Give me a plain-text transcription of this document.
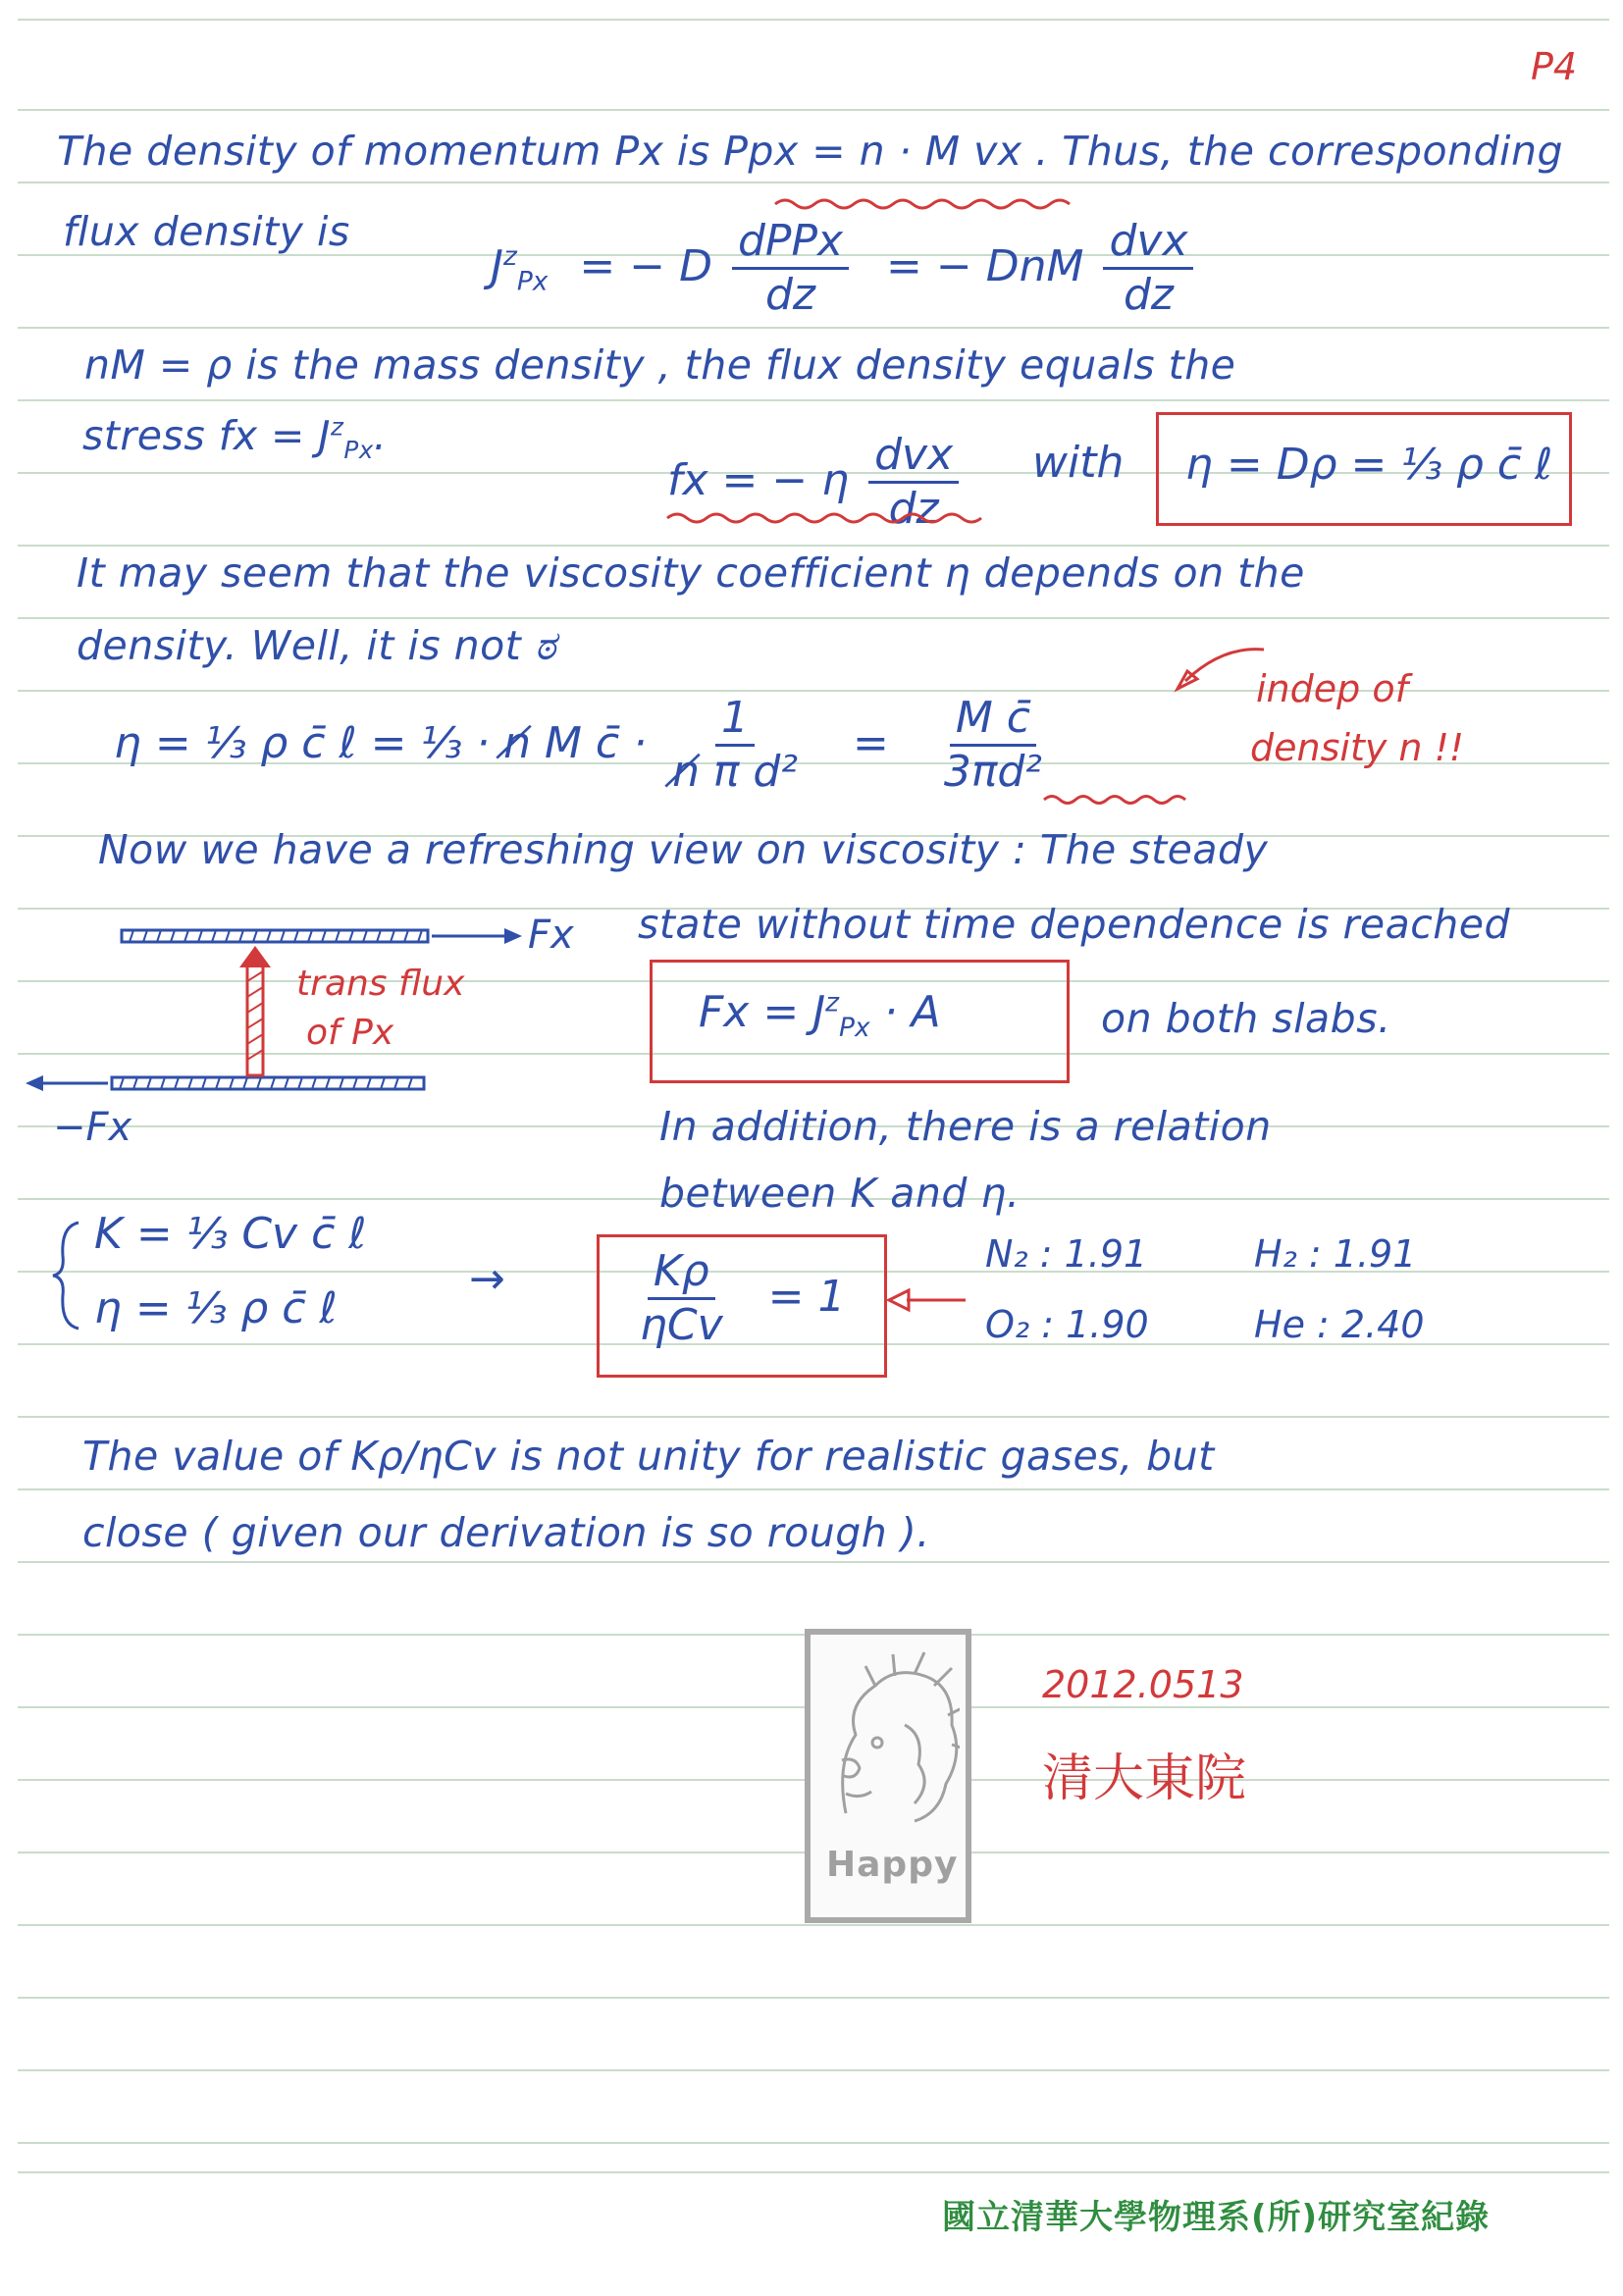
P4
The density of momentum Px is Ppx = n · M vx . Thus, the corresponding
flux density is
$J^z_{Px}$ = − D $\frac{\text{dPPx}}{dz}$ = − DnM $\frac{\text{dvx}}{dz}$
nM = ρ is the mass density , the flux density equals the
stress fx = $J^z_{Px}$.
fx = − η $\frac{\text{dvx}}{dz}$ with η = Dρ = ⅓ ρ c̄ ℓ
It may seem that the viscosity coefficient η depends on the
density. Well, it is not ಠ
η = ⅓ ρ c̄ ℓ = ⅓ · n̸ M c̄ · $\frac{1}{\text{n̸ π d²}} = \frac{\text{M c̄}}{\text{3πd²}}$
indep of
density n !!
Now we have a refreshing view on viscosity : The steady
state without time dependence is reached
Fx
−Fx
trans flux
of Px	$Fx = J^z_{Px} \cdot A$	on both slabs.
In addition, there is a relation
between K and η.
K = ⅓ Cv c̄ ℓ
η = ⅓ ρ c̄ ℓ
→	$\frac{K\rho}{\text{ηCv}} = 1$
N₂ : 1.91	H₂ : 1.91
O₂ : 1.90	He : 2.40
The value of Kρ/ηCv is not unity for realistic gases, but
close ( given our derivation is so rough ).
Happy
2012.0513
清大東院
國立清華大學物理系(所)研究室紀錄
